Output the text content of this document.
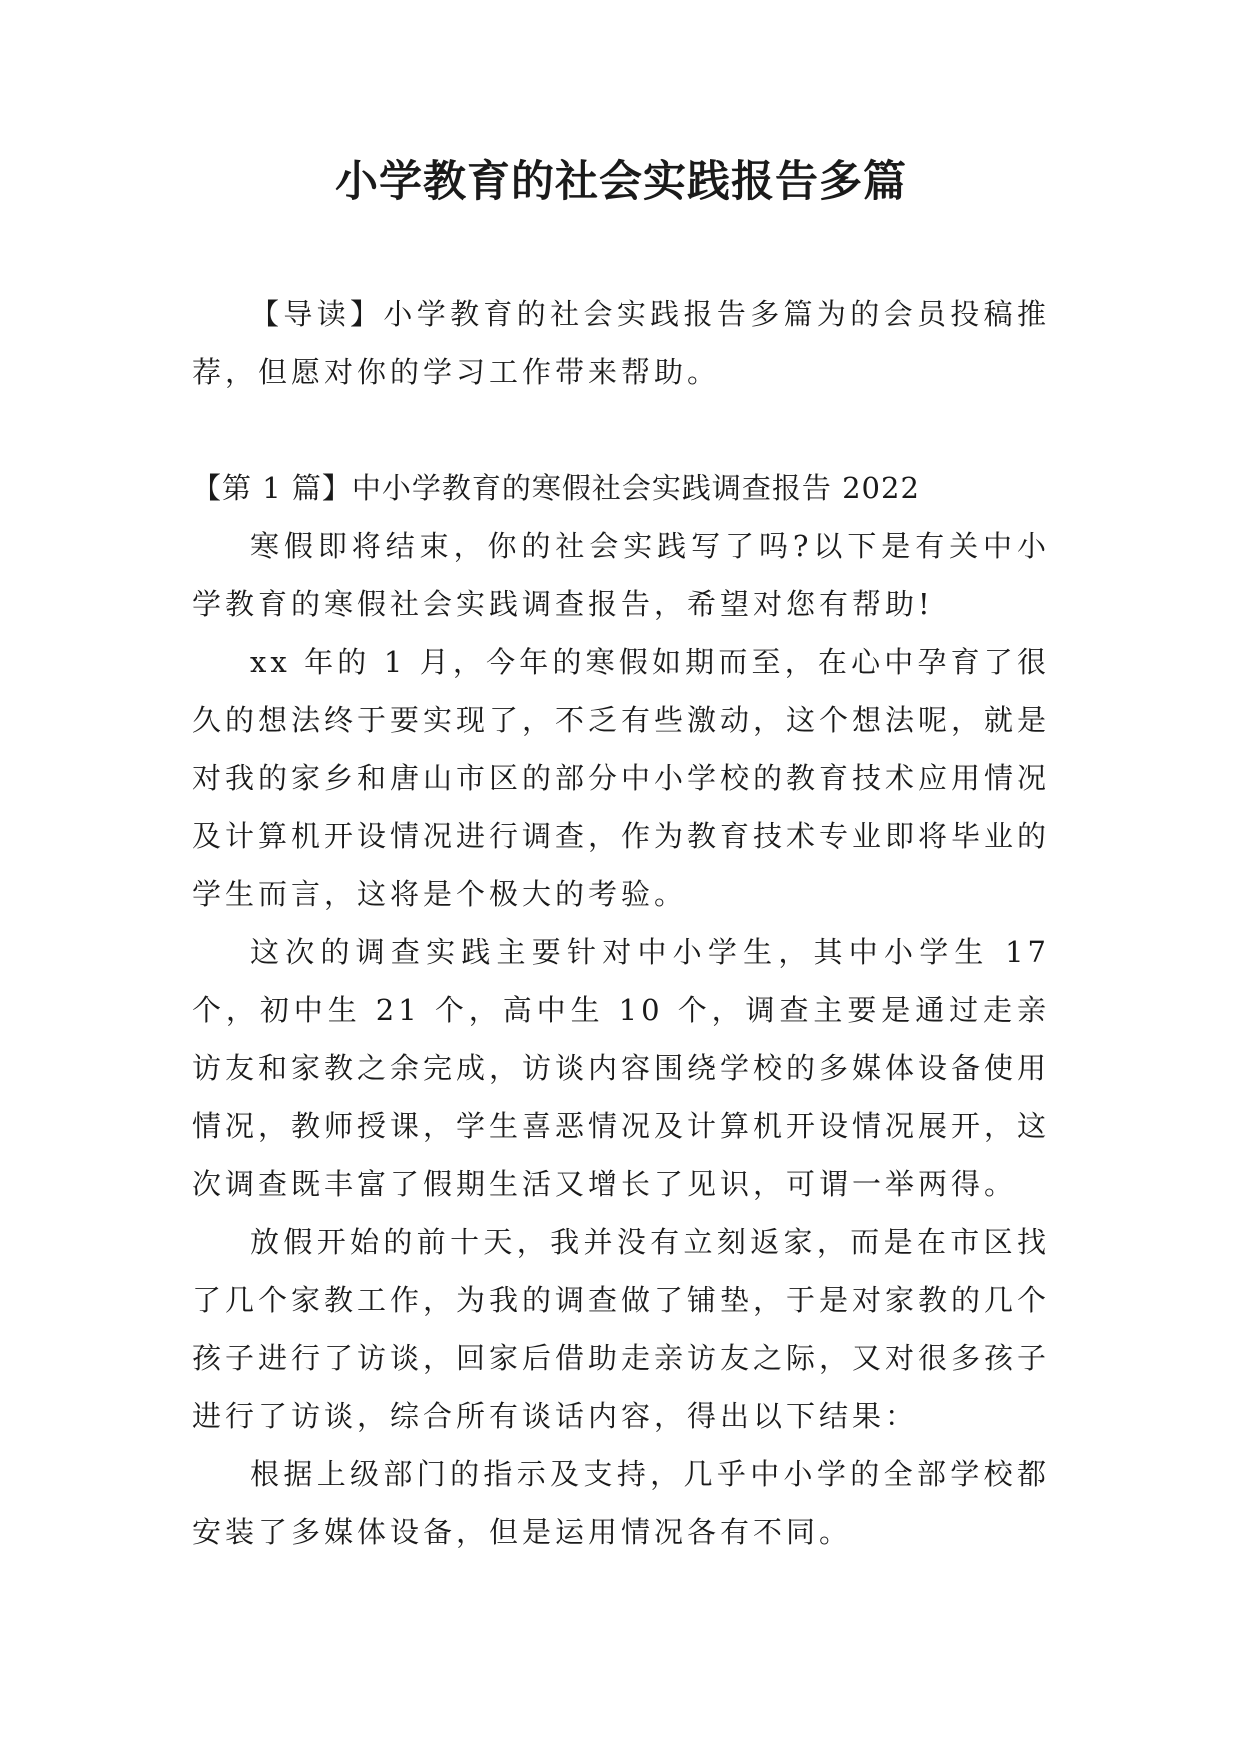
小学教育的社会实践报告多篇

【导读】小学教育的社会实践报告多篇为的会员投稿推荐，但愿对你的学习工作带来帮助。

【第 1 篇】中小学教育的寒假社会实践调查报告 2022

寒假即将结束，你的社会实践写了吗?以下是有关中小学教育的寒假社会实践调查报告，希望对您有帮助!

xx 年的 1 月，今年的寒假如期而至，在心中孕育了很久的想法终于要实现了，不乏有些激动，这个想法呢，就是对我的家乡和唐山市区的部分中小学校的教育技术应用情况及计算机开设情况进行调查，作为教育技术专业即将毕业的学生而言，这将是个极大的考验。

这次的调查实践主要针对中小学生，其中小学生 17 个，初中生 21 个，高中生 10 个，调查主要是通过走亲访友和家教之余完成，访谈内容围绕学校的多媒体设备使用情况，教师授课，学生喜恶情况及计算机开设情况展开，这次调查既丰富了假期生活又增长了见识，可谓一举两得。

放假开始的前十天，我并没有立刻返家，而是在市区找了几个家教工作，为我的调查做了铺垫，于是对家教的几个孩子进行了访谈，回家后借助走亲访友之际，又对很多孩子进行了访谈，综合所有谈话内容，得出以下结果：

根据上级部门的指示及支持，几乎中小学的全部学校都安装了多媒体设备，但是运用情况各有不同。
